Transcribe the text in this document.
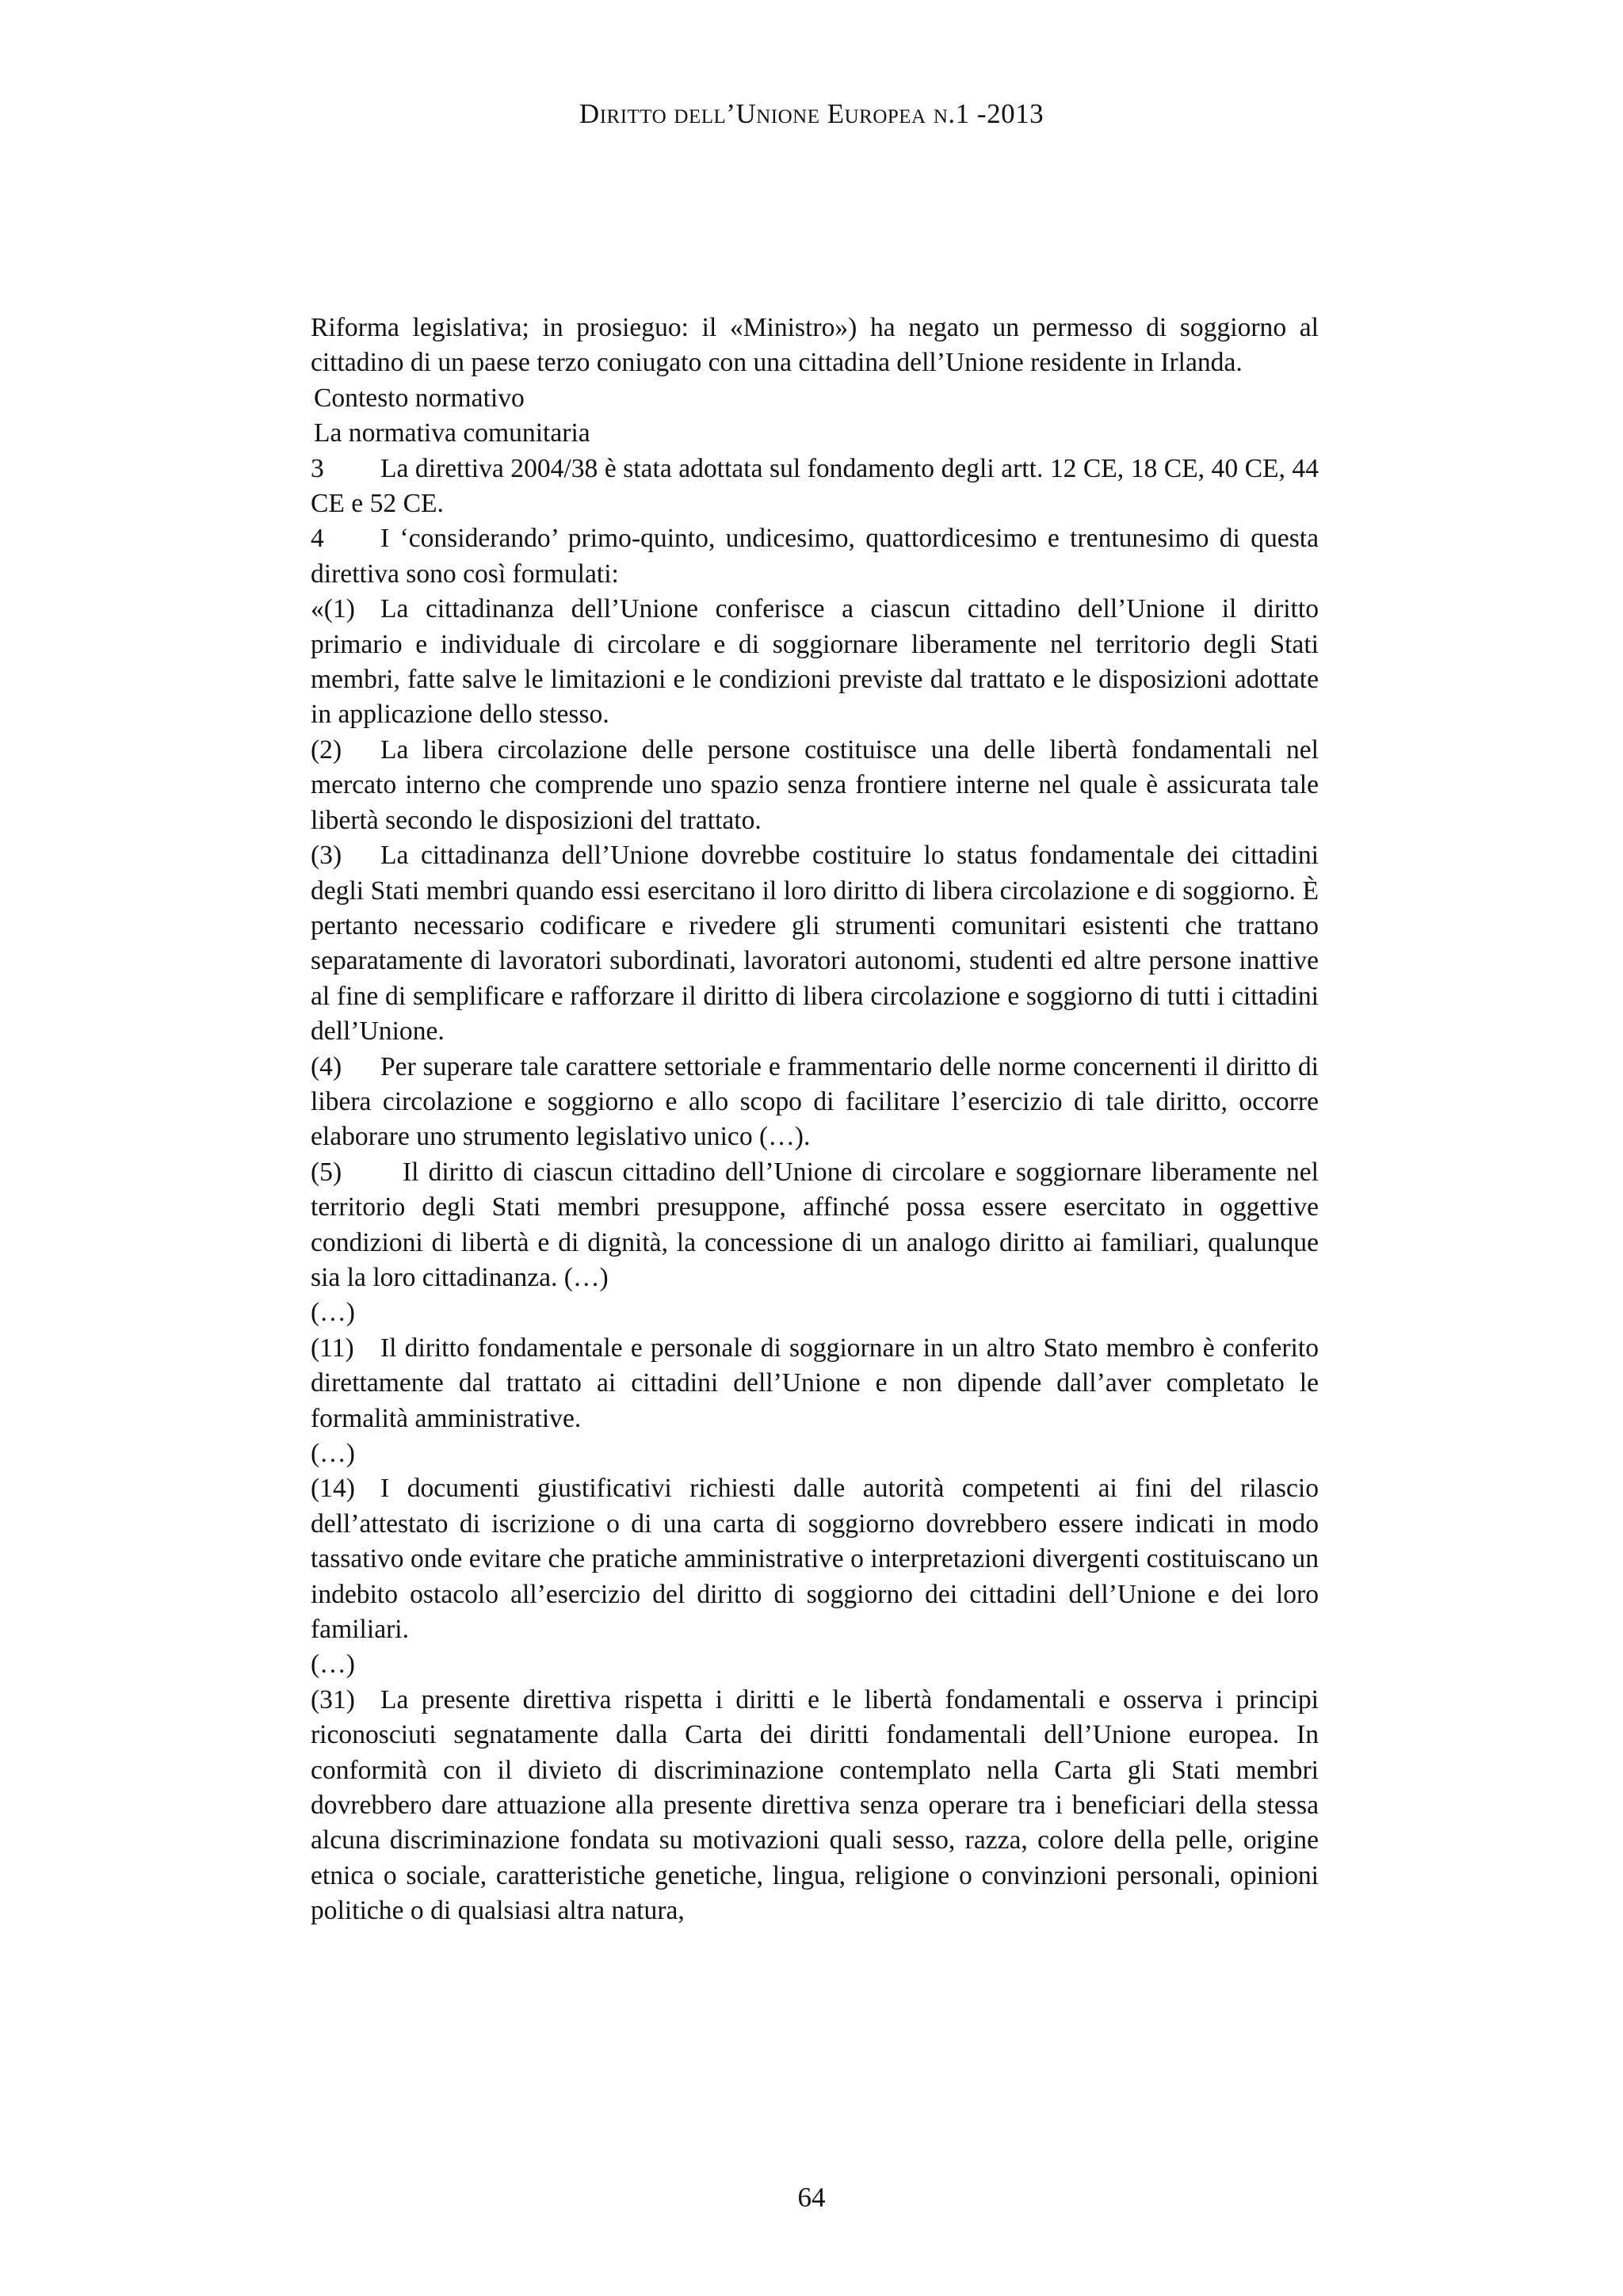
Diritto dell’Unione Europea n.1 -2013

Riforma legislativa; in prosieguo: il «Ministro») ha negato un permesso di soggiorno al cittadino di un paese terzo coniugato con una cittadina dell’Unione residente in Irlanda.

Contesto normativo

La normativa comunitaria

3 La direttiva 2004/38 è stata adottata sul fondamento degli artt. 12 CE, 18 CE, 40 CE, 44 CE e 52 CE.

4 I ‘considerando’ primo-quinto, undicesimo, quattordicesimo e trentunesimo di questa direttiva sono così formulati:

«(1) La cittadinanza dell’Unione conferisce a ciascun cittadino dell’Unione il diritto primario e individuale di circolare e di soggiornare liberamente nel territorio degli Stati membri, fatte salve le limitazioni e le condizioni previste dal trattato e le disposizioni adottate in applicazione dello stesso.

(2) La libera circolazione delle persone costituisce una delle libertà fondamentali nel mercato interno che comprende uno spazio senza frontiere interne nel quale è assicurata tale libertà secondo le disposizioni del trattato.

(3) La cittadinanza dell’Unione dovrebbe costituire lo status fondamentale dei cittadini degli Stati membri quando essi esercitano il loro diritto di libera circolazione e di soggiorno. È pertanto necessario codificare e rivedere gli strumenti comunitari esistenti che trattano separatamente di lavoratori subordinati, lavoratori autonomi, studenti ed altre persone inattive al fine di semplificare e rafforzare il diritto di libera circolazione e soggiorno di tutti i cittadini dell’Unione.

(4) Per superare tale carattere settoriale e frammentario delle norme concernenti il diritto di libera circolazione e soggiorno e allo scopo di facilitare l’esercizio di tale diritto, occorre elaborare uno strumento legislativo unico (…).

(5) Il diritto di ciascun cittadino dell’Unione di circolare e soggiornare liberamente nel territorio degli Stati membri presuppone, affinché possa essere esercitato in oggettive condizioni di libertà e di dignità, la concessione di un analogo diritto ai familiari, qualunque sia la loro cittadinanza. (…)

(…)

(11) Il diritto fondamentale e personale di soggiornare in un altro Stato membro è conferito direttamente dal trattato ai cittadini dell’Unione e non dipende dall’aver completato le formalità amministrative.

(…)

(14) I documenti giustificativi richiesti dalle autorità competenti ai fini del rilascio dell’attestato di iscrizione o di una carta di soggiorno dovrebbero essere indicati in modo tassativo onde evitare che pratiche amministrative o interpretazioni divergenti costituiscano un indebito ostacolo all’esercizio del diritto di soggiorno dei cittadini dell’Unione e dei loro familiari.

(…)

(31) La presente direttiva rispetta i diritti e le libertà fondamentali e osserva i principi riconosciuti segnatamente dalla Carta dei diritti fondamentali dell’Unione europea. In conformità con il divieto di discriminazione contemplato nella Carta gli Stati membri dovrebbero dare attuazione alla presente direttiva senza operare tra i beneficiari della stessa alcuna discriminazione fondata su motivazioni quali sesso, razza, colore della pelle, origine etnica o sociale, caratteristiche genetiche, lingua, religione o convinzioni personali, opinioni politiche o di qualsiasi altra natura,

64
